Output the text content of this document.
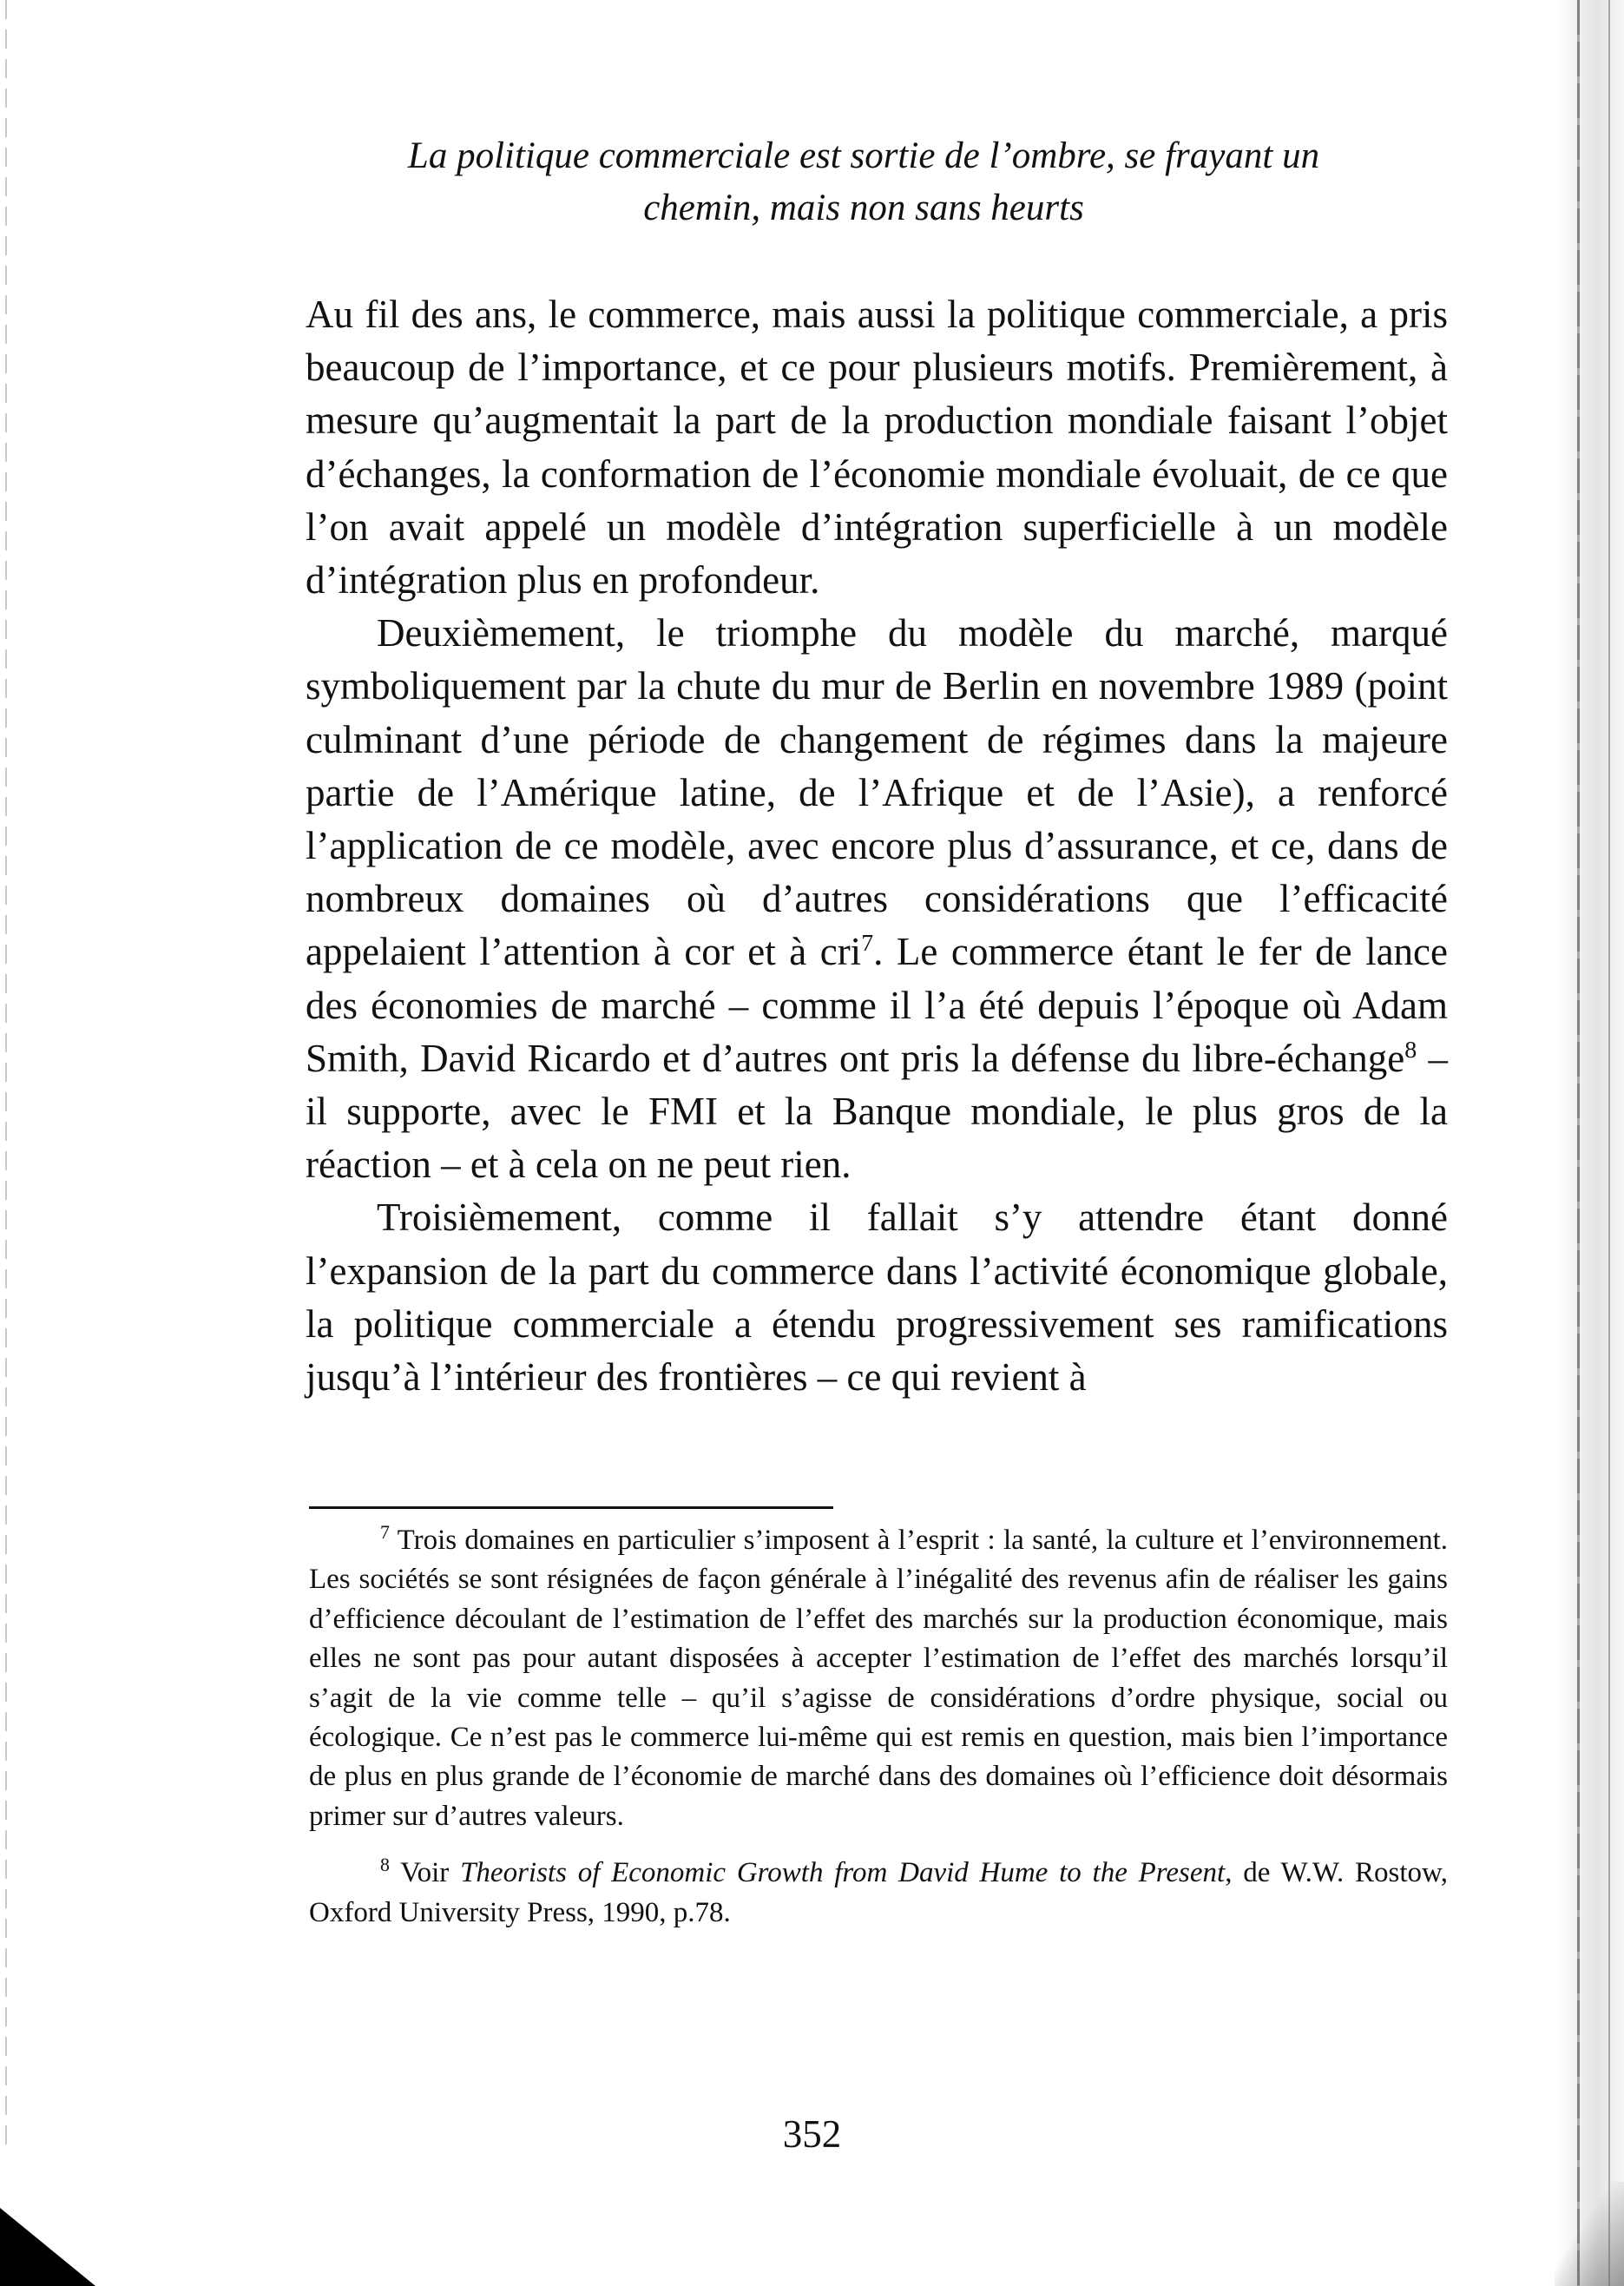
La politique commerciale est sortie de l’ombre, se frayant un
chemin, mais non sans heurts

Au fil des ans, le commerce, mais aussi la politique commerciale, a pris beaucoup de l’importance, et ce pour plusieurs motifs. Premièrement, à mesure qu’augmentait la part de la production mondiale faisant l’objet d’échanges, la conformation de l’économie mondiale évoluait, de ce que l’on avait appelé un modèle d’intégration superficielle à un modèle d’intégration plus en profondeur.

Deuxièmement, le triomphe du modèle du marché, marqué symboliquement par la chute du mur de Berlin en novembre 1989 (point culminant d’une période de changement de régimes dans la majeure partie de l’Amérique latine, de l’Afrique et de l’Asie), a renforcé l’application de ce modèle, avec encore plus d’assurance, et ce, dans de nombreux domaines où d’autres considérations que l’efficacité appelaient l’attention à cor et à cri$^7$. Le commerce étant le fer de lance des économies de marché – comme il l’a été depuis l’époque où Adam Smith, David Ricardo et d’autres ont pris la défense du libre-échange$^8$ – il supporte, avec le FMI et la Banque mondiale, le plus gros de la réaction – et à cela on ne peut rien.

Troisièmement, comme il fallait s’y attendre étant donné l’expansion de la part du commerce dans l’activité économique globale, la politique commerciale a étendu progressivement ses ramifications jusqu’à l’intérieur des frontières – ce qui revient à

$^7$ Trois domaines en particulier s’imposent à l’esprit : la santé, la culture et l’environnement. Les sociétés se sont résignées de façon générale à l’inégalité des revenus afin de réaliser les gains d’efficience découlant de l’estimation de l’effet des marchés sur la production économique, mais elles ne sont pas pour autant disposées à accepter l’estimation de l’effet des marchés lorsqu’il s’agit de la vie comme telle – qu’il s’agisse de considérations d’ordre physique, social ou écologique. Ce n’est pas le commerce lui-même qui est remis en question, mais bien l’importance de plus en plus grande de l’économie de marché dans des domaines où l’efficience doit désormais primer sur d’autres valeurs.

$^8$ Voir Theorists of Economic Growth from David Hume to the Present, de W.W. Rostow, Oxford University Press, 1990, p.78.

352
